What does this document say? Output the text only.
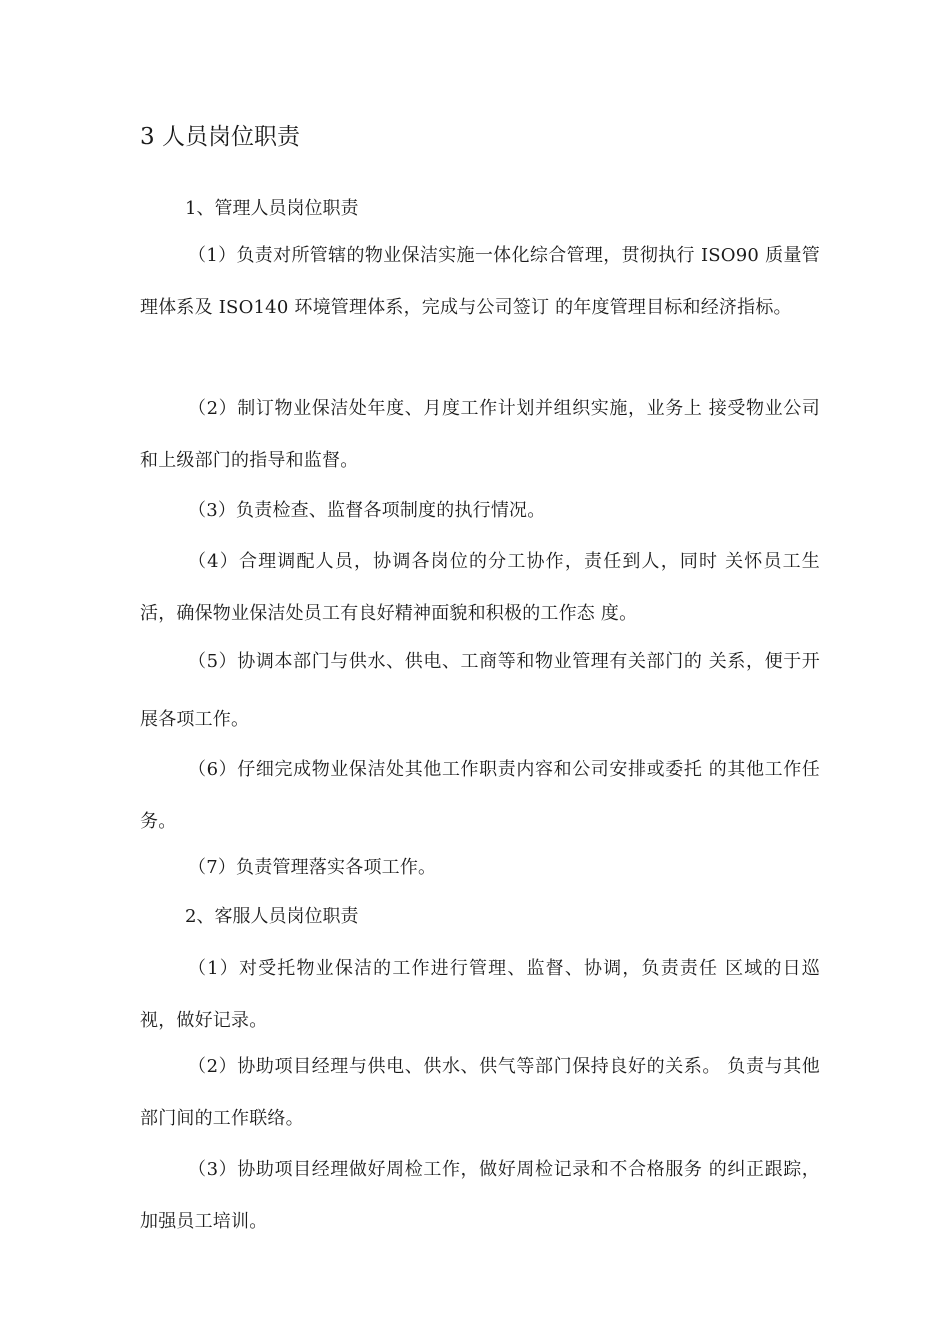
3 人员岗位职责
1、管理人员岗位职责

（1）负责对所管辖的物业保洁实施一体化综合管理，贯彻执行 ISO90 质量管理体系及 ISO140 环境管理体系，完成与公司签订 的年度管理目标和经济指标。

（2）制订物业保洁处年度、月度工作计划并组织实施，业务上 接受物业公司和上级部门的指导和监督。

（3）负责检查、监督各项制度的执行情况。

（4）合理调配人员，协调各岗位的分工协作，责任到人，同时 关怀员工生活，确保物业保洁处员工有良好精神面貌和积极的工作态 度。

（5）协调本部门与供水、供电、工商等和物业管理有关部门的 关系，便于开展各项工作。

（6）仔细完成物业保洁处其他工作职责内容和公司安排或委托 的其他工作任务。

（7）负责管理落实各项工作。

2、客服人员岗位职责

（1）对受托物业保洁的工作进行管理、监督、协调，负责责任 区域的日巡视，做好记录。

（2）协助项目经理与供电、供水、供气等部门保持良好的关系。 负责与其他部门间的工作联络。

（3）协助项目经理做好周检工作，做好周检记录和不合格服务 的纠正跟踪，加强员工培训。
